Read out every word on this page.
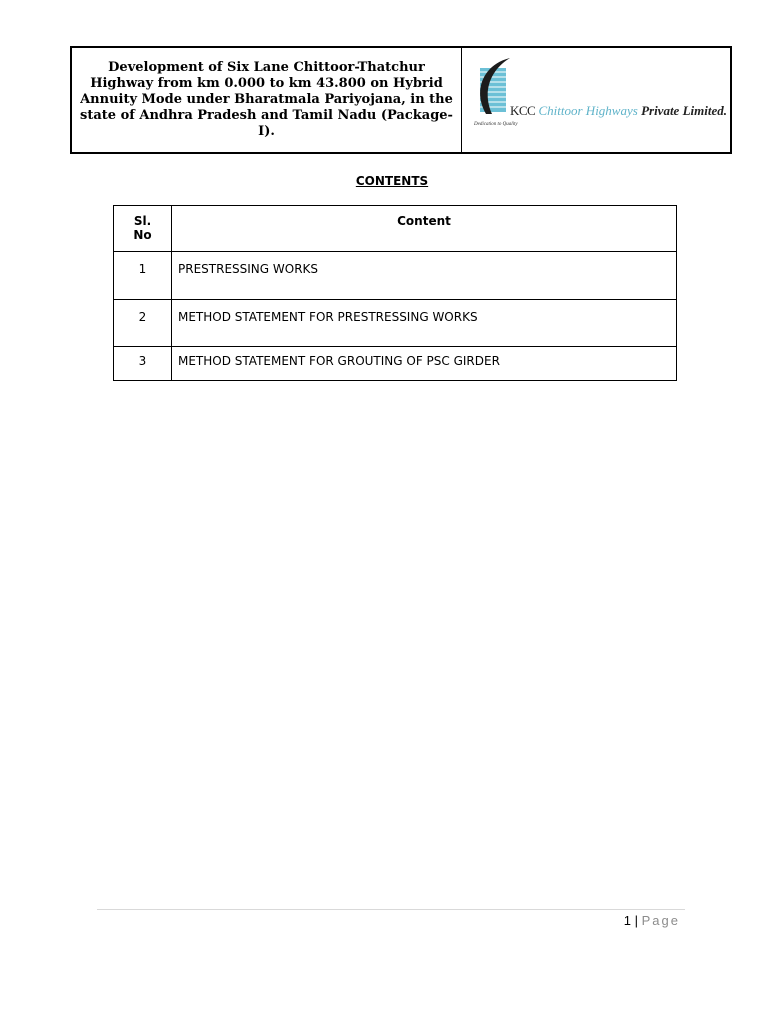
Development of Six Lane Chittoor-Thatchur Highway from km 0.000 to km 43.800 on Hybrid Annuity Mode under Bharatmala Pariyojana, in the state of Andhra Pradesh and Tamil Nadu (Package-I).
KCC Chittoor Highways Private Limited.
Dedication to Quality
CONTENTS
Sl.
No	Content
1	PRESTRESSING WORKS
2	METHOD STATEMENT FOR PRESTRESSING WORKS
3	METHOD STATEMENT FOR GROUTING OF PSC GIRDER
1 | Page
